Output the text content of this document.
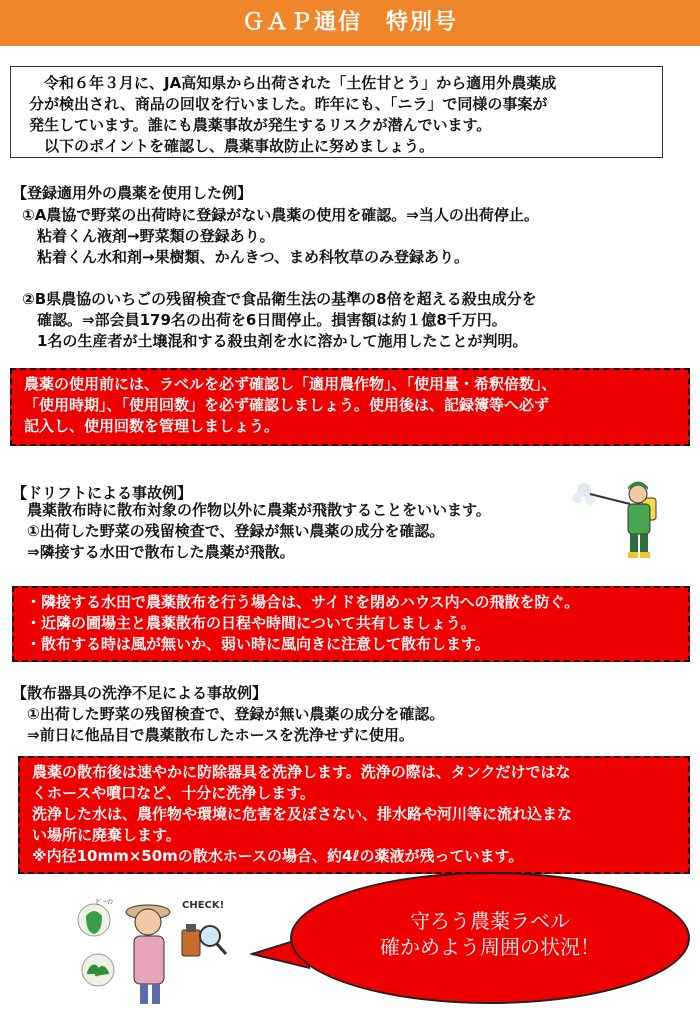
ＧＡＰ通信　特別号

　令和６年３月に、JA高知県から出荷された「土佐甘とう」から適用外農薬成

分が検出され、商品の回収を行いました。昨年にも、「ニラ」で同様の事案が

発生しています。誰にも農薬事故が発生するリスクが潜んでいます。

　以下のポイントを確認し、農薬事故防止に努めましょう。

【登録適用外の農薬を使用した例】
①A農協で野菜の出荷時に登録がない農薬の使用を確認。⇒当人の出荷停止。
　粘着くん液剤→野菜類の登録あり。
　粘着くん水和剤→果樹類、かんきつ、まめ科牧草のみ登録あり。
②B県農協のいちごの残留検査で食品衛生法の基準の8倍を超える殺虫成分を
　確認。⇒部会員179名の出荷を6日間停止。損害額は約１億8千万円。
　1名の生産者が土壌混和する殺虫剤を水に溶かして施用したことが判明。
農薬の使用前には、ラベルを必ず確認し「適用農作物」、「使用量・希釈倍数」、
「使用時期」、「使用回数」を必ず確認しましょう。使用後は、記録簿等へ必ず
記入し、使用回数を管理しましょう。
【ドリフトによる事故例】
　農薬散布時に散布対象の作物以外に農薬が飛散することをいいます。
　①出荷した野菜の残留検査で、登録が無い農薬の成分を確認。
　⇒隣接する水田で散布した農薬が飛散。
・隣接する水田で農薬散布を行う場合は、サイドを閉めハウス内への飛散を防ぐ。
・近隣の圃場主と農薬散布の日程や時間について共有しましょう。
・散布する時は風が無いか、弱い時に風向きに注意して散布します。
【散布器具の洗浄不足による事故例】
　①出荷した野菜の残留検査で、登録が無い農薬の成分を確認。
　⇒前日に他品目で農薬散布したホースを洗浄せずに使用。
農薬の散布後は速やかに防除器具を洗浄します。洗浄の際は、タンクだけではな
くホースや噴口など、十分に洗浄します。
洗浄した水は、農作物や環境に危害を及ぼさない、排水路や河川等に流れ込まな
い場所に廃棄します。
※内径10mm×50mの散水ホースの場合、約4ℓの薬液が残っています。
ﾋﾟｰﾏﾝ	CHECK!
守ろう農薬ラベル
確かめよう周囲の状況！
